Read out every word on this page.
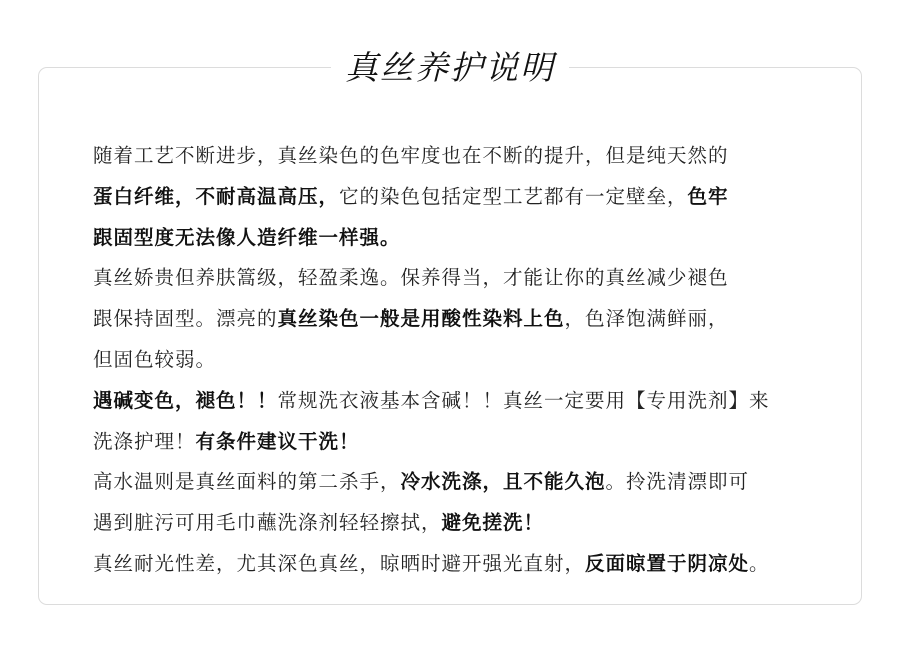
真丝养护说明
随着工艺不断进步，真丝染色的色牢度也在不断的提升，但是纯天然的
蛋白纤维，不耐高温高压，它的染色包括定型工艺都有一定壁垒，色牢
跟固型度无法像人造纤维一样强。
真丝娇贵但养肤篙级，轻盈柔逸。保养得当，才能让你的真丝减少褪色
跟保持固型。漂亮的真丝染色一般是用酸性染料上色，色泽饱满鲜丽，
但固色较弱。
遇碱变色，褪色！！常规洗衣液基本含碱！！真丝一定要用【专用洗剂】来
洗涤护理！有条件建议干洗！
高水温则是真丝面料的第二杀手，冷水洗涤，且不能久泡。拎洗清漂即可
遇到脏污可用毛巾蘸洗涤剂轻轻擦拭，避免搓洗！
真丝耐光性差，尤其深色真丝，晾晒时避开强光直射，反面晾置于阴凉处。
